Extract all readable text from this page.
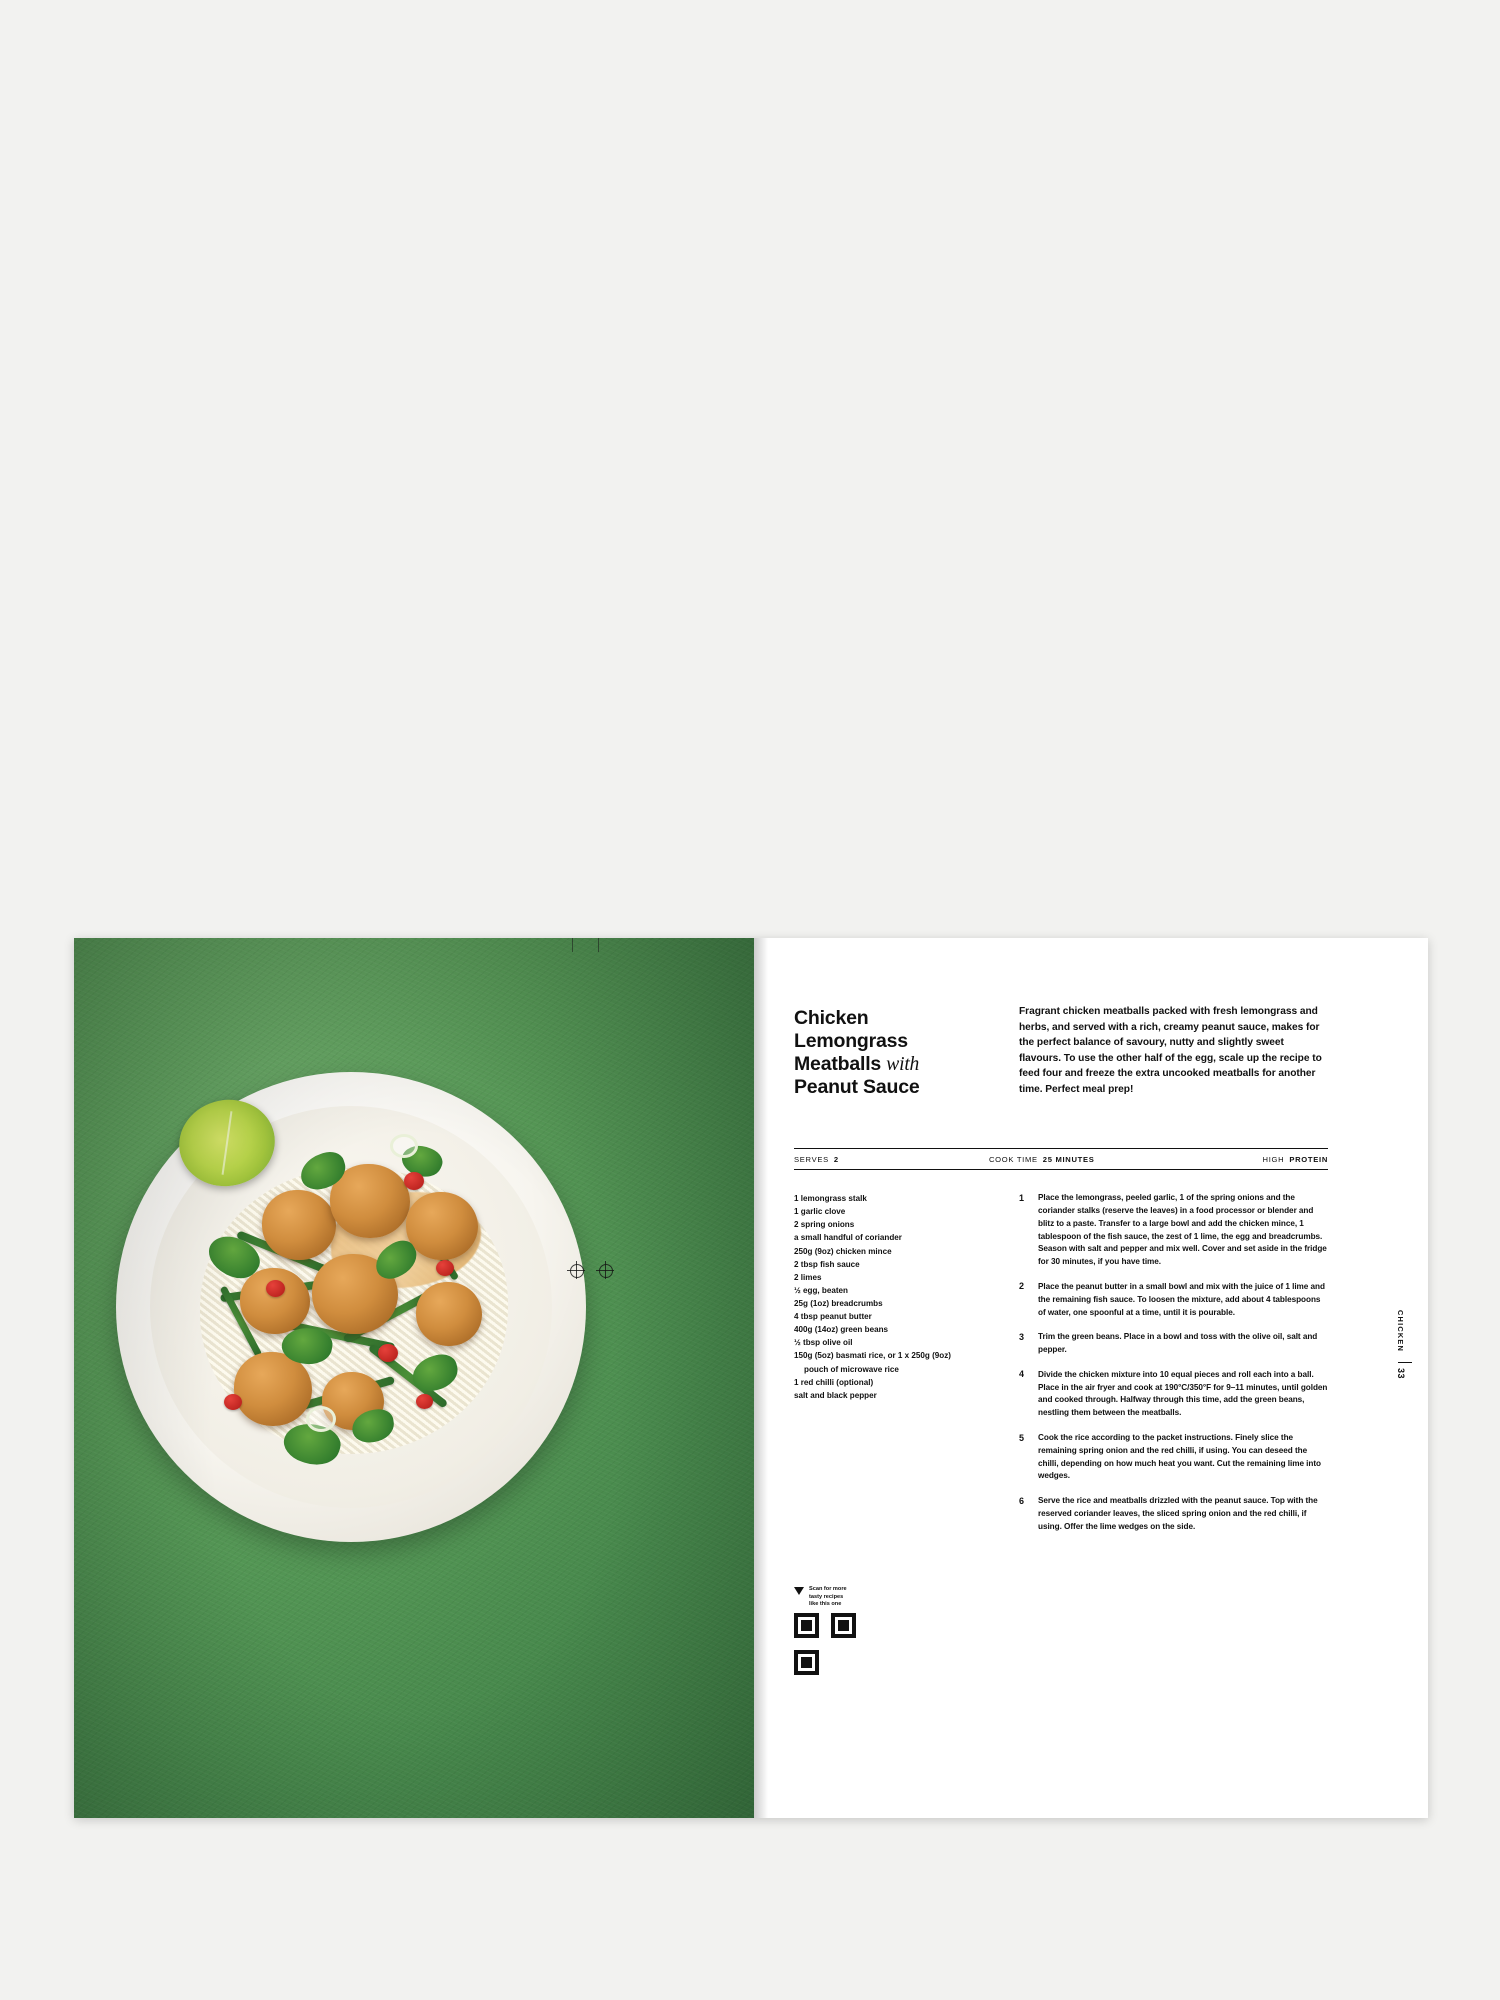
Chicken
Lemongrass
Meatballs with
Peanut Sauce

Fragrant chicken meatballs packed with fresh lemongrass and herbs, and served with a rich, creamy peanut sauce, makes for the perfect balance of savoury, nutty and slightly sweet flavours. To use the other half of the egg, scale up the recipe to feed four and freeze the extra uncooked meatballs for another time. Perfect meal prep!

SERVES 2	COOK TIME 25 MINUTES	HIGH PROTEIN
1 lemongrass stalk
1 garlic clove
2 spring onions
a small handful of coriander
250g (9oz) chicken mince
2 tbsp fish sauce
2 limes
½ egg, beaten
25g (1oz) breadcrumbs
4 tbsp peanut butter
400g (14oz) green beans
½ tbsp olive oil
150g (5oz) basmati rice, or 1 x 250g (9oz)
pouch of microwave rice
1 red chilli (optional)
salt and black pepper
1	Place the lemongrass, peeled garlic, 1 of the spring onions and the coriander stalks (reserve the leaves) in a food processor or blender and blitz to a paste. Transfer to a large bowl and add the chicken mince, 1 tablespoon of the fish sauce, the zest of 1 lime, the egg and breadcrumbs. Season with salt and pepper and mix well. Cover and set aside in the fridge for 30 minutes, if you have time.
2	Place the peanut butter in a small bowl and mix with the juice of 1 lime and the remaining fish sauce. To loosen the mixture, add about 4 tablespoons of water, one spoonful at a time, until it is pourable.
3	Trim the green beans. Place in a bowl and toss with the olive oil, salt and pepper.
4	Divide the chicken mixture into 10 equal pieces and roll each into a ball. Place in the air fryer and cook at 190°C/350°F for 9–11 minutes, until golden and cooked through. Halfway through this time, add the green beans, nestling them between the meatballs.
5	Cook the rice according to the packet instructions. Finely slice the remaining spring onion and the red chilli, if using. You can deseed the chilli, depending on how much heat you want. Cut the remaining lime into wedges.
6	Serve the rice and meatballs drizzled with the peanut sauce. Top with the reserved coriander leaves, the sliced spring onion and the red chilli, if using. Offer the lime wedges on the side.
Scan for more
tasty recipes
like this one
CHICKEN
33
